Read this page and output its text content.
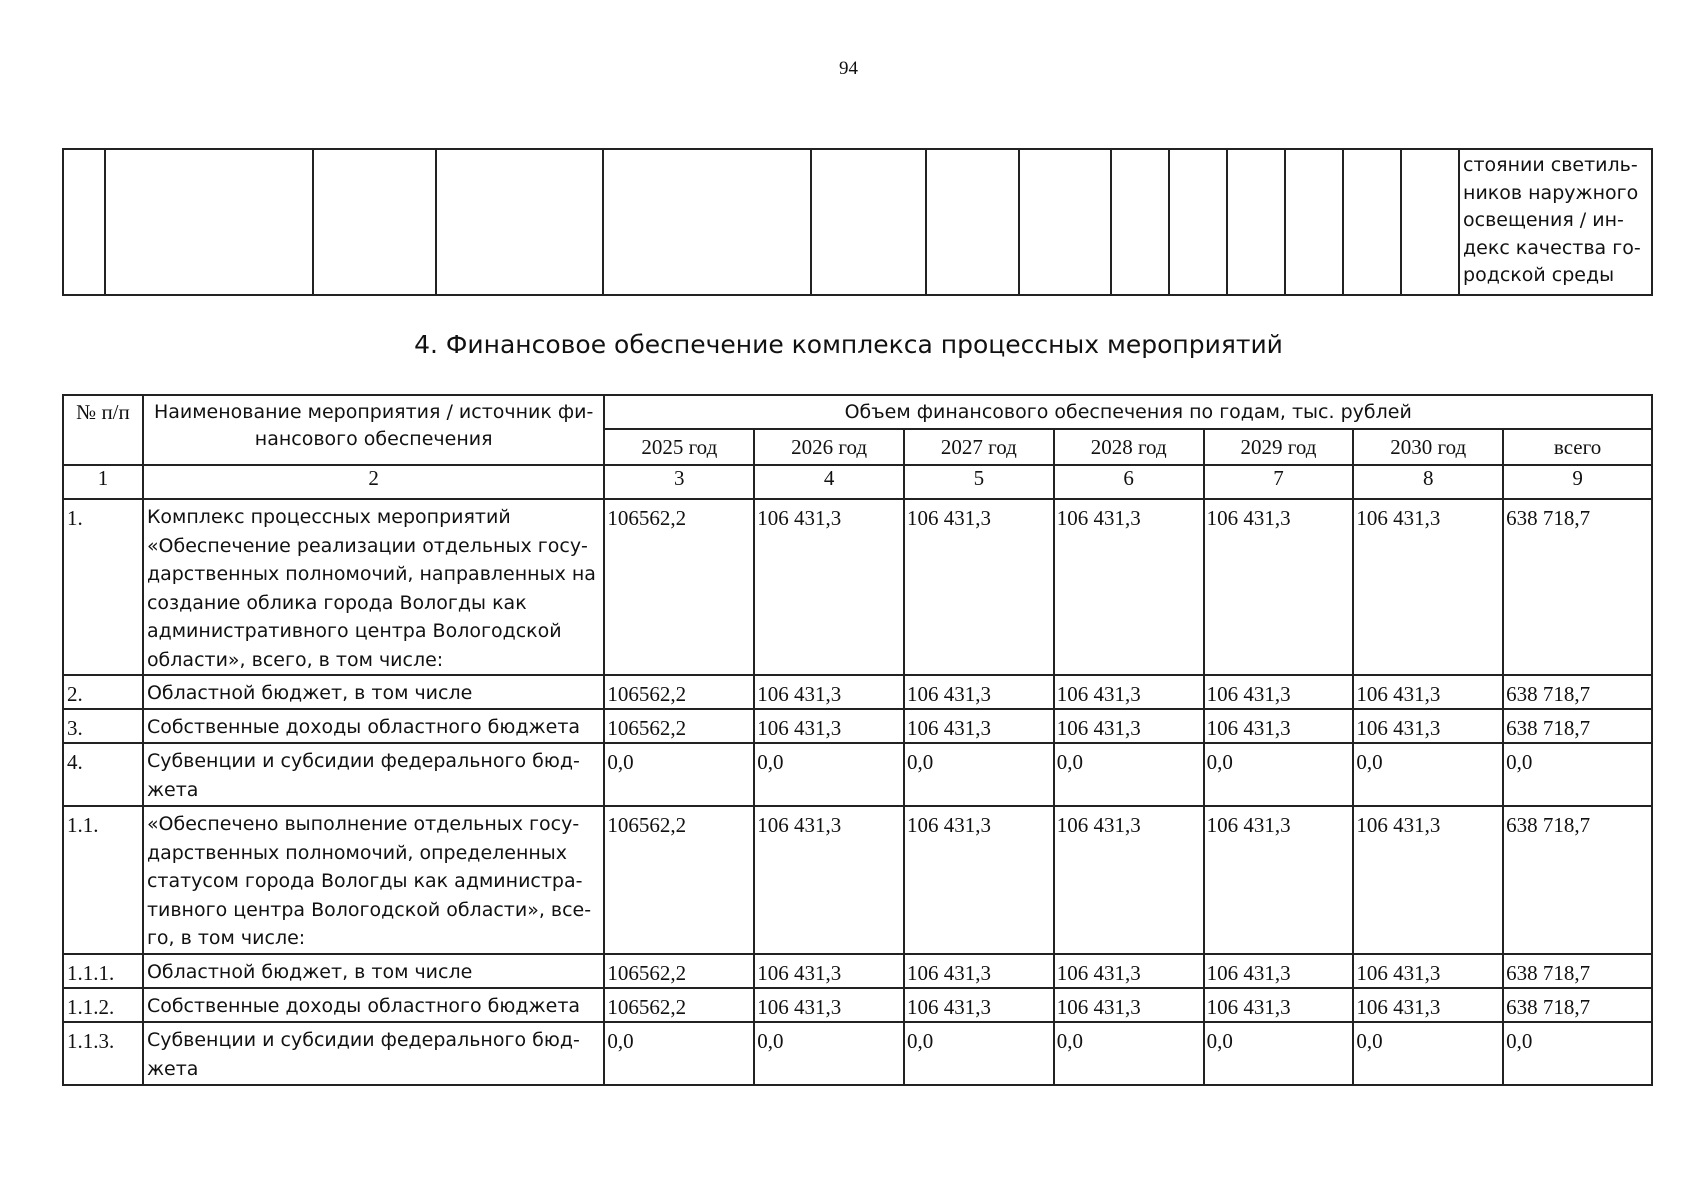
94

стоянии светиль-
ников наружного
освещения / ин-
декс качества го-
родской среды
4. Финансовое обеспечение комплекса процессных мероприятий
№ п/п	Наименование мероприятия / источник фи-нансового обеспечения	Объем финансового обеспечения по годам, тыс. рублей						
		2025 год	2026 год	2027 год	2028 год	2029 год	2030 год	всего
1	2	3	4	5	6	7	8	9
1.	Комплекс процессных мероприятий «Обеспечение реализации отдельных госу-дарственных полномочий, направленных на создание облика города Вологды как административного центра Вологодской области», всего, в том числе:	106562,2	106 431,3	106 431,3	106 431,3	106 431,3	106 431,3	638 718,7
2.	Областной бюджет, в том числе	106562,2	106 431,3	106 431,3	106 431,3	106 431,3	106 431,3	638 718,7
3.	Собственные доходы областного бюджета	106562,2	106 431,3	106 431,3	106 431,3	106 431,3	106 431,3	638 718,7
4.	Субвенции и субсидии федерального бюд-жета	0,0	0,0	0,0	0,0	0,0	0,0	0,0
1.1.	«Обеспечено выполнение отдельных госу-дарственных полномочий, определенных статусом города Вологды как администра-тивного центра Вологодской области», все-го, в том числе:	106562,2	106 431,3	106 431,3	106 431,3	106 431,3	106 431,3	638 718,7
1.1.1.	Областной бюджет, в том числе	106562,2	106 431,3	106 431,3	106 431,3	106 431,3	106 431,3	638 718,7
1.1.2.	Собственные доходы областного бюджета	106562,2	106 431,3	106 431,3	106 431,3	106 431,3	106 431,3	638 718,7
1.1.3.	Субвенции и субсидии федерального бюд-жета	0,0	0,0	0,0	0,0	0,0	0,0	0,0
